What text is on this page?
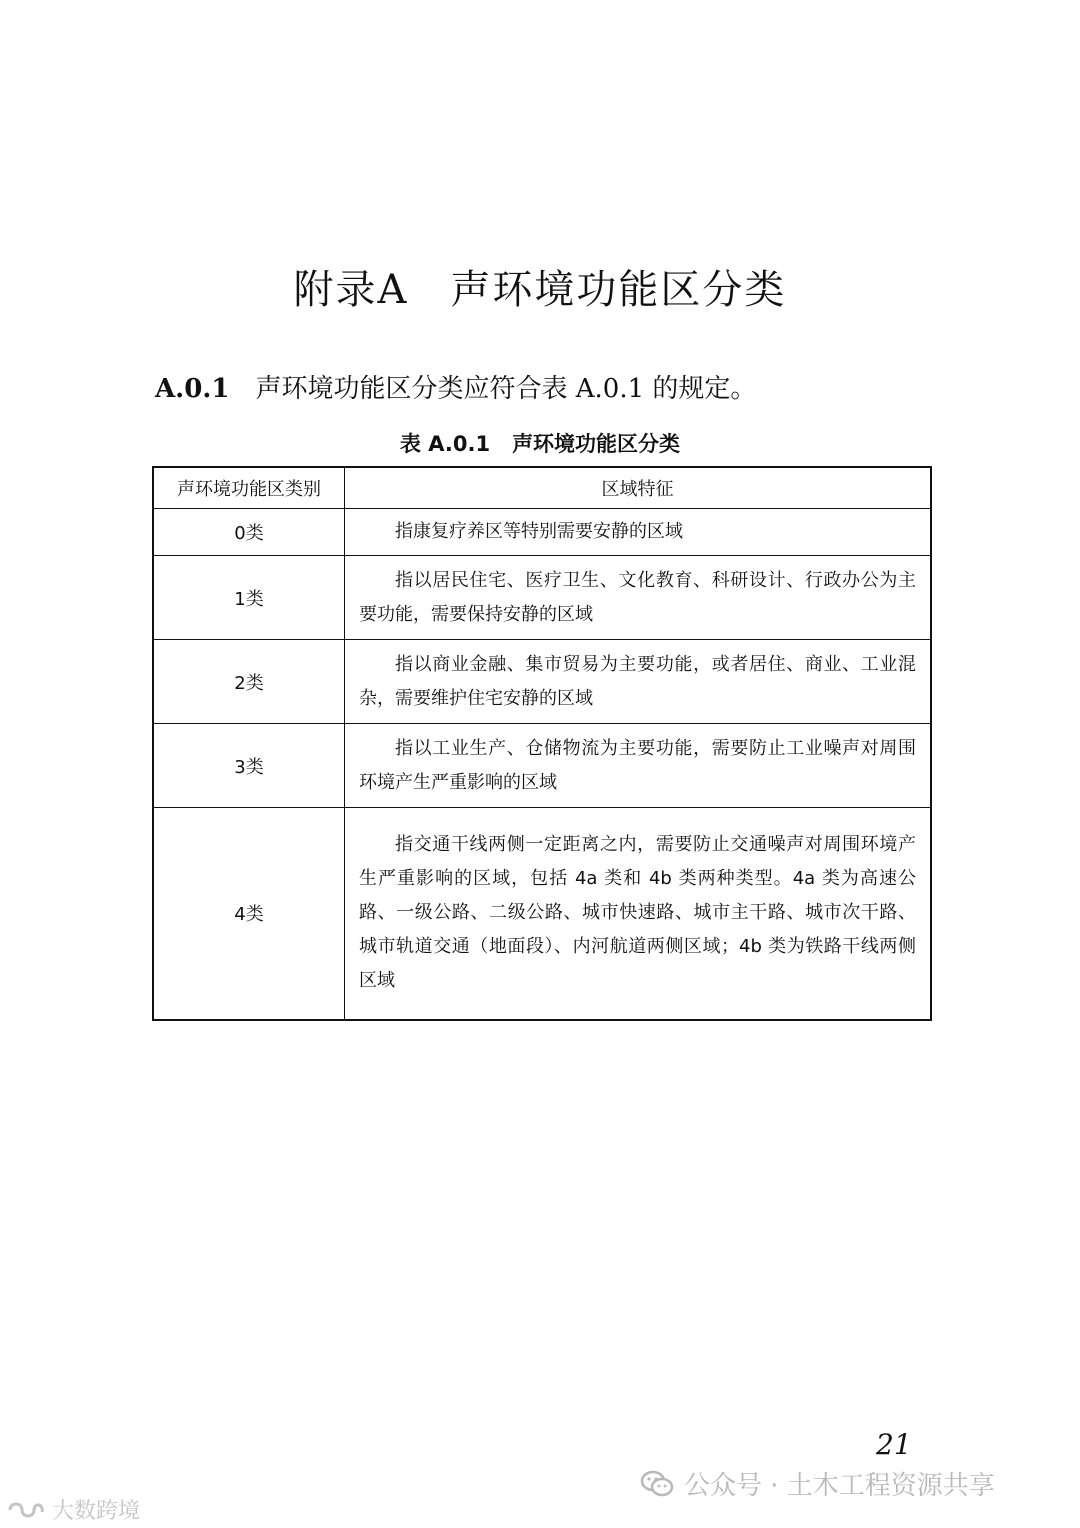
附录A　声环境功能区分类
A.0.1 声环境功能区分类应符合表 A.0.1 的规定。
表 A.0.1 声环境功能区分类
声环境功能区类别	区域特征
0类	指康复疗养区等特别需要安静的区域
1类	指以居民住宅、医疗卫生、文化教育、科研设计、行政办公为主要功能，需要保持安静的区域
2类	指以商业金融、集市贸易为主要功能，或者居住、商业、工业混杂，需要维护住宅安静的区域
3类	指以工业生产、仓储物流为主要功能，需要防止工业噪声对周围环境产生严重影响的区域
4类	指交通干线两侧一定距离之内，需要防止交通噪声对周围环境产生严重影响的区域，包括 4a 类和 4b 类两种类型。4a 类为高速公路、一级公路、二级公路、城市快速路、城市主干路、城市次干路、城市轨道交通（地面段）、内河航道两侧区域；4b 类为铁路干线两侧区域
21
公众号 · 土木工程资源共享
大数跨境
